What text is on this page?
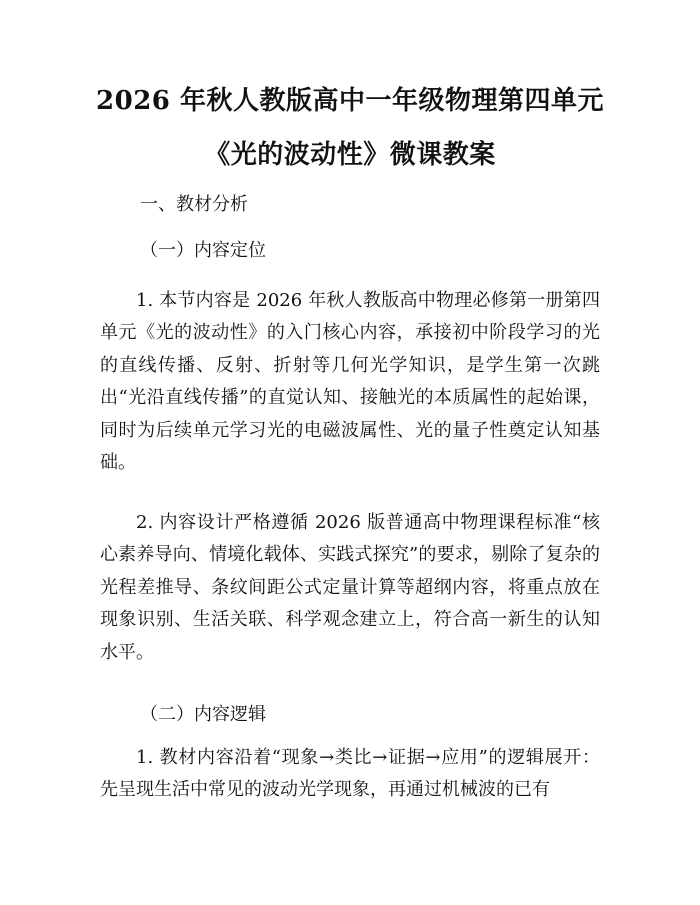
2026 年秋人教版高中一年级物理第四单元
《光的波动性》微课教案
一、教材分析
（一）内容定位

1. 本节内容是 2026 年秋人教版高中物理必修第一册第四单元《光的波动性》的入门核心内容，承接初中阶段学习的光的直线传播、反射、折射等几何光学知识，是学生第一次跳出“光沿直线传播”的直觉认知、接触光的本质属性的起始课，同时为后续单元学习光的电磁波属性、光的量子性奠定认知基础。

2. 内容设计严格遵循 2026 版普通高中物理课程标准“核心素养导向、情境化载体、实践式探究”的要求，剔除了复杂的光程差推导、条纹间距公式定量计算等超纲内容，将重点放在现象识别、生活关联、科学观念建立上，符合高一新生的认知水平。

（二）内容逻辑

1. 教材内容沿着“现象→类比→证据→应用”的逻辑展开：先呈现生活中常见的波动光学现象，再通过机械波的已有
